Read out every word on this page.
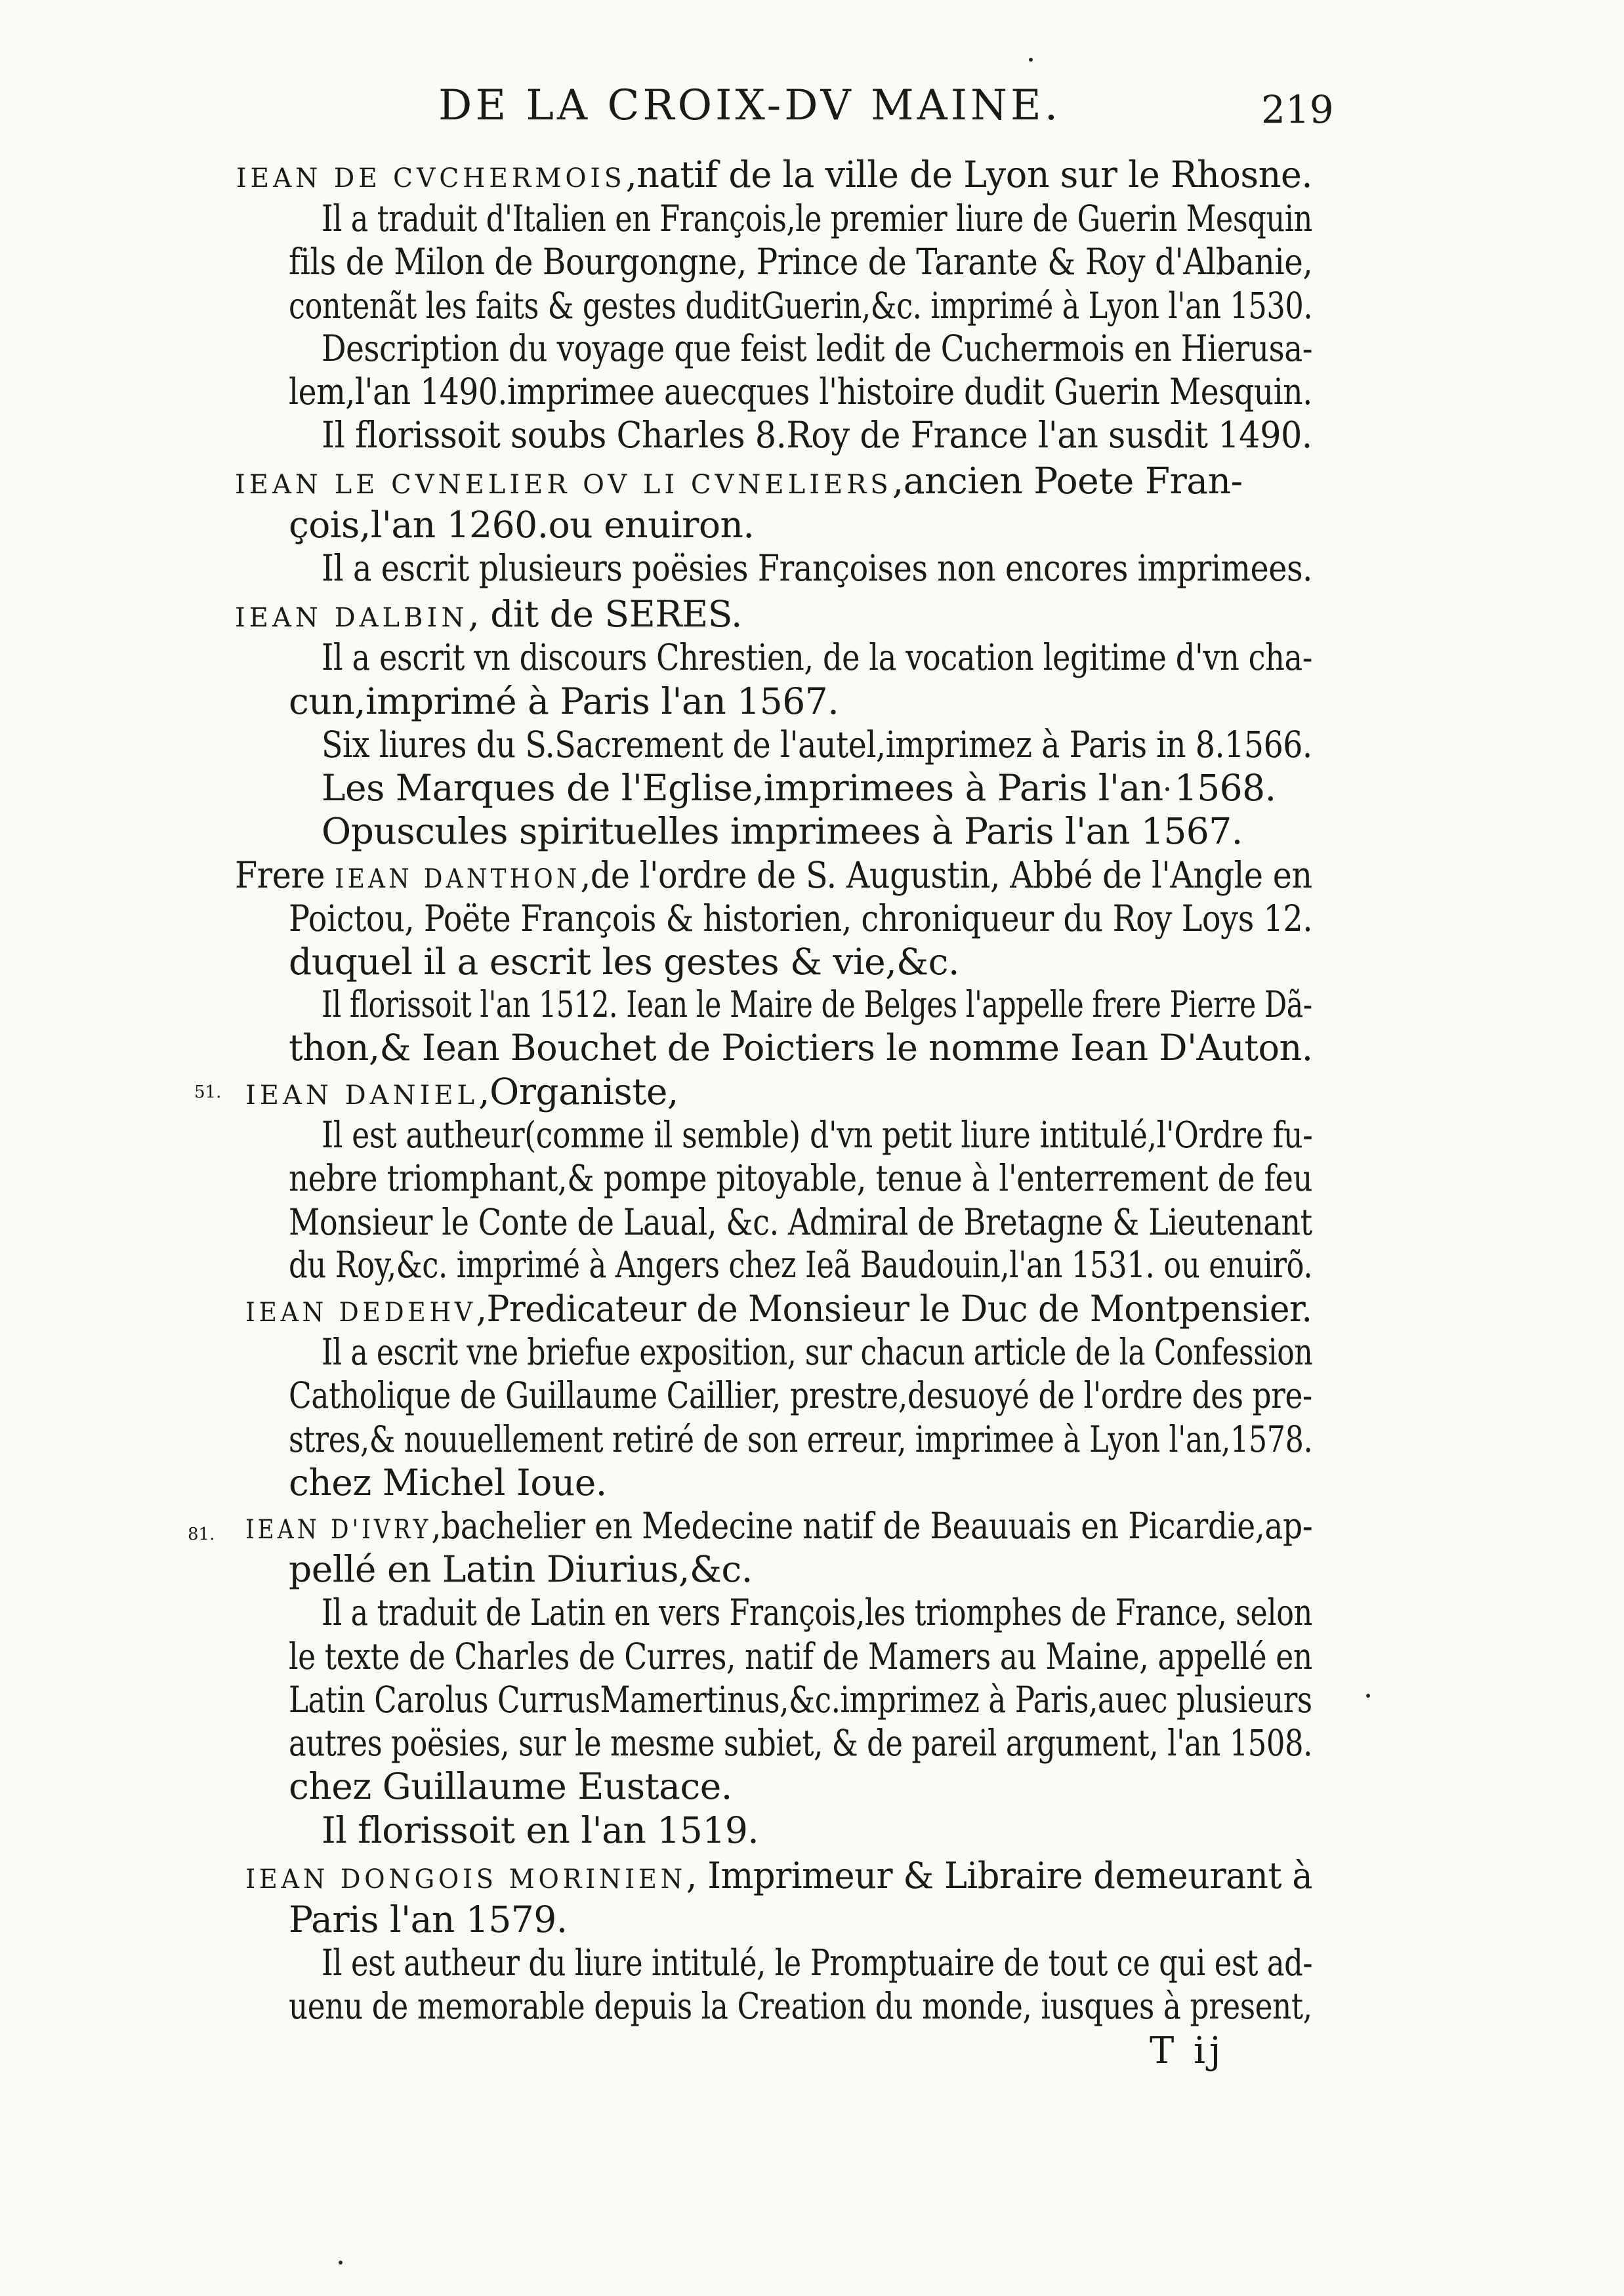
DE LA CROIX-DV MAINE.	219
51.
81.
IEAN DE CVCHERMOIS,natif de la ville de Lyon sur le Rhosne.
Il a traduit d'Italien en François,le premier liure de Guerin Mesquin
fils de Milon de Bourgongne, Prince de Tarante & Roy d'Albanie,
contenãt les faits & gestes duditGuerin,&c. imprimé à Lyon l'an 1530.
Description du voyage que feist ledit de Cuchermois en Hierusa-
lem,l'an 1490.imprimee auecques l'histoire dudit Guerin Mesquin.
Il florissoit soubs Charles 8.Roy de France l'an susdit 1490.
IEAN LE CVNELIER OV LI CVNELIERS,ancien Poete Fran-
çois,l'an 1260.ou enuiron.
Il a escrit plusieurs poësies Françoises non encores imprimees.
IEAN DALBIN, dit de SERES.
Il a escrit vn discours Chrestien, de la vocation legitime d'vn cha-
cun,imprimé à Paris l'an 1567.
Six liures du S.Sacrement de l'autel,imprimez à Paris in 8.1566.
Les Marques de l'Eglise,imprimees à Paris l'an 1568.
Opuscules spirituelles imprimees à Paris l'an 1567.
Frere IEAN DANTHON,de l'ordre de S. Augustin, Abbé de l'Angle en
Poictou, Poëte François & historien, chroniqueur du Roy Loys 12.
duquel il a escrit les gestes & vie,&c.
Il florissoit l'an 1512. Iean le Maire de Belges l'appelle frere Pierre Dã-
thon,& Iean Bouchet de Poictiers le nomme Iean D'Auton.
IEAN DANIEL,Organiste,
Il est autheur(comme il semble) d'vn petit liure intitulé,l'Ordre fu-
nebre triomphant,& pompe pitoyable, tenue à l'enterrement de feu
Monsieur le Conte de Laual, &c. Admiral de Bretagne & Lieutenant
du Roy,&c. imprimé à Angers chez Ieã Baudouin,l'an 1531. ou enuirõ.
IEAN DEDEHV,Predicateur de Monsieur le Duc de Montpensier.
Il a escrit vne briefue exposition, sur chacun article de la Confession
Catholique de Guillaume Caillier, prestre,desuoyé de l'ordre des pre-
stres,& nouuellement retiré de son erreur, imprimee à Lyon l'an,1578.
chez Michel Ioue.
IEAN D'IVRY,bachelier en Medecine natif de Beauuais en Picardie,ap-
pellé en Latin Diurius,&c.
Il a traduit de Latin en vers François,les triomphes de France, selon
le texte de Charles de Curres, natif de Mamers au Maine, appellé en
Latin Carolus CurrusMamertinus,&c.imprimez à Paris,auec plusieurs
autres poësies, sur le mesme subiet, & de pareil argument, l'an 1508.
chez Guillaume Eustace.
Il florissoit en l'an 1519.
IEAN DONGOIS MORINIEN, Imprimeur & Libraire demeurant à
Paris l'an 1579.
Il est autheur du liure intitulé, le Promptuaire de tout ce qui est ad-
uenu de memorable depuis la Creation du monde, iusques à present,
T ij
